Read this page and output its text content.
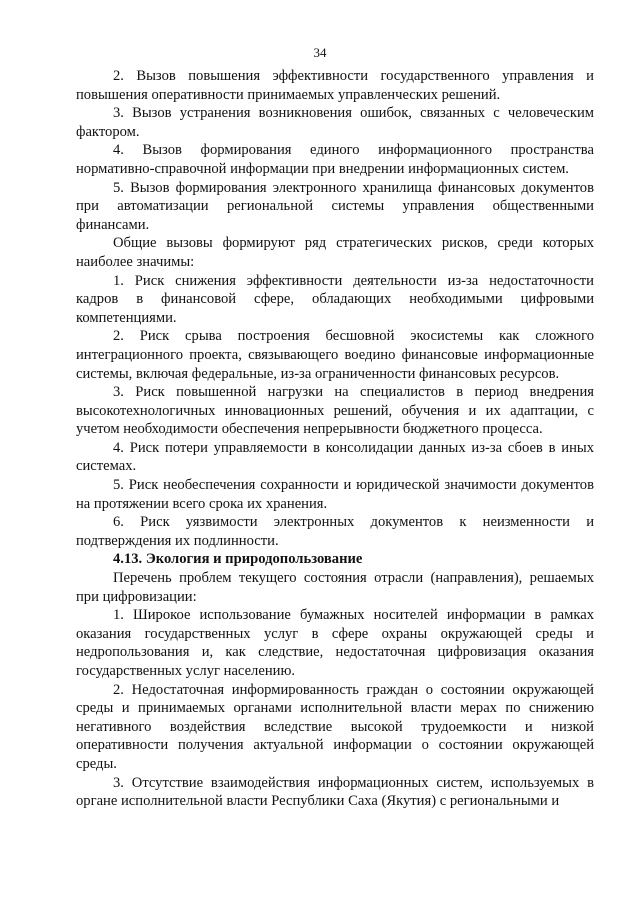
34

2. Вызов повышения эффективности государственного управления и повышения оперативности принимаемых управленческих решений.

3. Вызов устранения возникновения ошибок, связанных с человеческим фактором.

4. Вызов формирования единого информационного пространства нормативно-справочной информации при внедрении информационных систем.

5. Вызов формирования электронного хранилища финансовых документов при автоматизации региональной системы управления общественными финансами.

Общие вызовы формируют ряд стратегических рисков, среди которых наиболее значимы:

1. Риск снижения эффективности деятельности из-за недостаточности кадров в финансовой сфере, обладающих необходимыми цифровыми компетенциями.

2. Риск срыва построения бесшовной экосистемы как сложного интеграционного проекта, связывающего воедино финансовые информационные системы, включая федеральные, из-за ограниченности финансовых ресурсов.

3. Риск повышенной нагрузки на специалистов в период внедрения высокотехнологичных инновационных решений, обучения и их адаптации, с учетом необходимости обеспечения непрерывности бюджетного процесса.

4. Риск потери управляемости в консолидации данных из-за сбоев в иных системах.

5. Риск необеспечения сохранности и юридической значимости документов на протяжении всего срока их хранения.

6. Риск уязвимости электронных документов к неизменности и подтверждения их подлинности.

4.13. Экология и природопользование

Перечень проблем текущего состояния отрасли (направления), решаемых при цифровизации:

1. Широкое использование бумажных носителей информации в рамках оказания государственных услуг в сфере охраны окружающей среды и недропользования и, как следствие, недостаточная цифровизация оказания государственных услуг населению.

2. Недостаточная информированность граждан о состоянии окружающей среды и принимаемых органами исполнительной власти мерах по снижению негативного воздействия вследствие высокой трудоемкости и низкой оперативности получения актуальной информации о состоянии окружающей среды.

3. Отсутствие взаимодействия информационных систем, используемых в органе исполнительной власти Республики Саха (Якутия) с региональными и
